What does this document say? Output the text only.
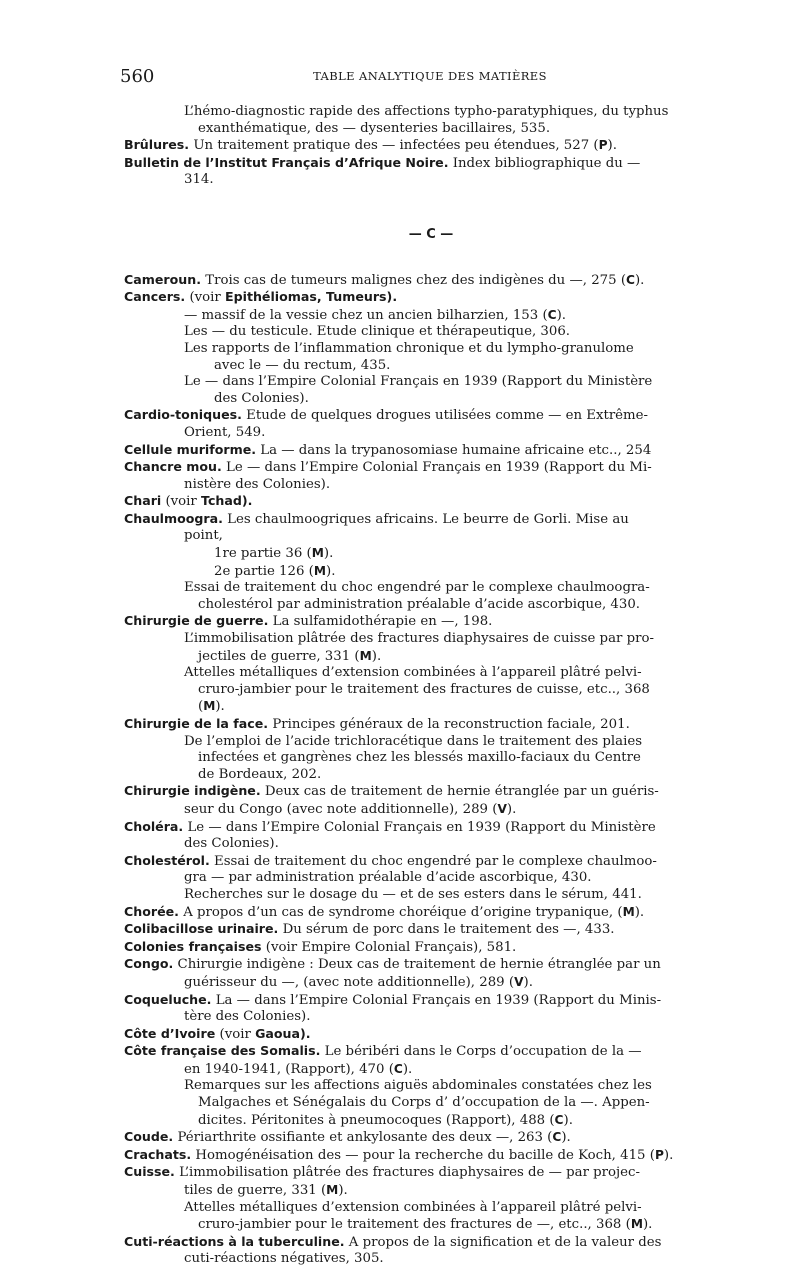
560	TABLE ANALYTIQUE DES MATIÈRES

L’hémo-diagnostic rapide des affections typho-paratyphiques, du typhus

exanthématique, des — dysenteries bacillaires, 535.

Brûlures. Un traitement pratique des — infectées peu étendues, 527 (P).

Bulletin de l’Institut Français d’Afrique Noire. Index bibliographique du —

314.

— C —

Cameroun. Trois cas de tumeurs malignes chez des indigènes du —, 275 (C).

Cancers. (voir Epithéliomas, Tumeurs).

— massif de la vessie chez un ancien bilharzien, 153 (C).

Les — du testicule. Etude clinique et thérapeutique, 306.

Les rapports de l’inflammation chronique et du lympho-granulome

avec le — du rectum, 435.

Le — dans l’Empire Colonial Français en 1939 (Rapport du Ministère

des Colonies).

Cardio-toniques. Etude de quelques drogues utilisées comme — en Extrême-

Orient, 549.

Cellule muriforme. La — dans la trypanosomiase humaine africaine etc.., 254

Chancre mou. Le — dans l’Empire Colonial Français en 1939 (Rapport du Mi-

nistère des Colonies).

Chari (voir Tchad).

Chaulmoogra. Les chaulmoogriques africains. Le beurre de Gorli. Mise au

point,

1re partie 36 (M).

2e partie 126 (M).

Essai de traitement du choc engendré par le complexe chaulmoogra-

cholestérol par administration préalable d’acide ascorbique, 430.

Chirurgie de guerre. La sulfamidothérapie en —, 198.

L’immobilisation plâtrée des fractures diaphysaires de cuisse par pro-

jectiles de guerre, 331 (M).

Attelles métalliques d’extension combinées à l’appareil plâtré pelvi-

cruro-jambier pour le traitement des fractures de cuisse, etc.., 368

(M).

Chirurgie de la face. Principes généraux de la reconstruction faciale, 201.

De l’emploi de l’acide trichloracétique dans le traitement des plaies

infectées et gangrènes chez les blessés maxillo-faciaux du Centre

de Bordeaux, 202.

Chirurgie indigène. Deux cas de traitement de hernie étranglée par un guéris-

seur du Congo (avec note additionnelle), 289 (V).

Choléra. Le — dans l’Empire Colonial Français en 1939 (Rapport du Ministère

des Colonies).

Cholestérol. Essai de traitement du choc engendré par le complexe chaulmoo-

gra — par administration préalable d’acide ascorbique, 430.

Recherches sur le dosage du — et de ses esters dans le sérum, 441.

Chorée. A propos d’un cas de syndrome choréique d’origine trypanique, (M).

Colibacillose urinaire. Du sérum de porc dans le traitement des —, 433.

Colonies françaises (voir Empire Colonial Français), 581.

Congo. Chirurgie indigène : Deux cas de traitement de hernie étranglée par un

guérisseur du —, (avec note additionnelle), 289 (V).

Coqueluche. La — dans l’Empire Colonial Français en 1939 (Rapport du Minis-

tère des Colonies).

Côte d’Ivoire (voir Gaoua).

Côte française des Somalis. Le béribéri dans le Corps d’occupation de la —

en 1940-1941, (Rapport), 470 (C).

Remarques sur les affections aiguës abdominales constatées chez les

Malgaches et Sénégalais du Corps d’ d’occupation de la —. Appen-

dicites. Péritonites à pneumocoques (Rapport), 488 (C).

Coude. Périarthrite ossifiante et ankylosante des deux —, 263 (C).

Crachats. Homogénéisation des — pour la recherche du bacille de Koch, 415 (P).

Cuisse. L’immobilisation plâtrée des fractures diaphysaires de — par projec-

tiles de guerre, 331 (M).

Attelles métalliques d’extension combinées à l’appareil plâtré pelvi-

cruro-jambier pour le traitement des fractures de —, etc.., 368 (M).

Cuti-réactions à la tuberculine. A propos de la signification et de la valeur des

cuti-réactions négatives, 305.
